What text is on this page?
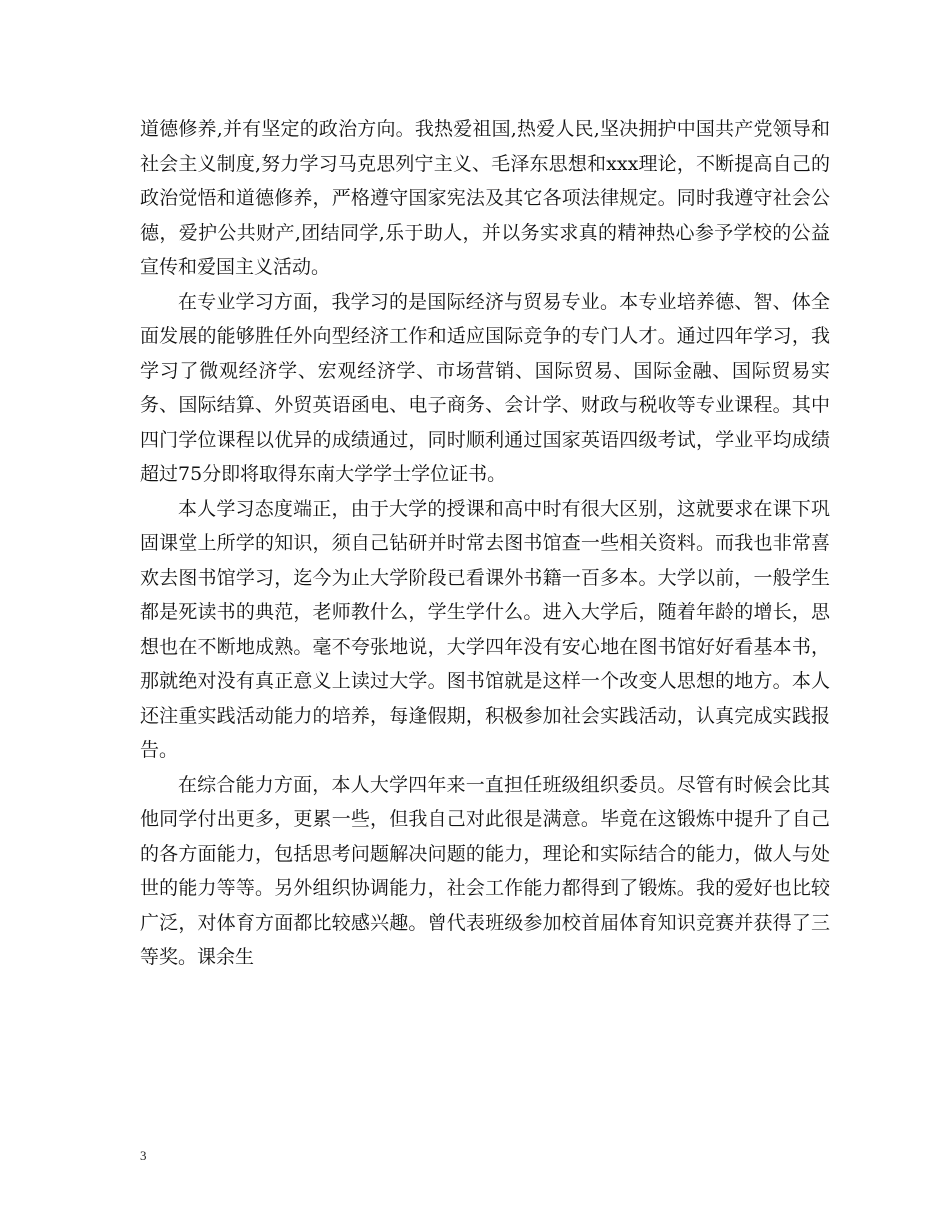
道德修养,并有坚定的政治方向。我热爱祖国,热爱人民,坚决拥护中国共产党领导和社会主义制度,努力学习马克思列宁主义、毛泽东思想和xxx理论，不断提高自己的政治觉悟和道德修养，严格遵守国家宪法及其它各项法律规定。同时我遵守社会公德，爱护公共财产,团结同学,乐于助人，并以务实求真的精神热心参予学校的公益宣传和爱国主义活动。

在专业学习方面，我学习的是国际经济与贸易专业。本专业培养德、智、体全面发展的能够胜任外向型经济工作和适应国际竞争的专门人才。通过四年学习，我学习了微观经济学、宏观经济学、市场营销、国际贸易、国际金融、国际贸易实务、国际结算、外贸英语函电、电子商务、会计学、财政与税收等专业课程。其中四门学位课程以优异的成绩通过，同时顺利通过国家英语四级考试，学业平均成绩超过75分即将取得东南大学学士学位证书。

本人学习态度端正，由于大学的授课和高中时有很大区别，这就要求在课下巩固课堂上所学的知识，须自己钻研并时常去图书馆查一些相关资料。而我也非常喜欢去图书馆学习，迄今为止大学阶段已看课外书籍一百多本。大学以前，一般学生都是死读书的典范，老师教什么，学生学什么。进入大学后，随着年龄的增长，思想也在不断地成熟。毫不夸张地说，大学四年没有安心地在图书馆好好看基本书，那就绝对没有真正意义上读过大学。图书馆就是这样一个改变人思想的地方。本人还注重实践活动能力的培养，每逢假期，积极参加社会实践活动，认真完成实践报告。

在综合能力方面，本人大学四年来一直担任班级组织委员。尽管有时候会比其他同学付出更多，更累一些，但我自己对此很是满意。毕竟在这锻炼中提升了自己的各方面能力，包括思考问题解决问题的能力，理论和实际结合的能力，做人与处世的能力等等。另外组织协调能力，社会工作能力都得到了锻炼。我的爱好也比较广泛，对体育方面都比较感兴趣。曾代表班级参加校首届体育知识竞赛并获得了三等奖。课余生

3
